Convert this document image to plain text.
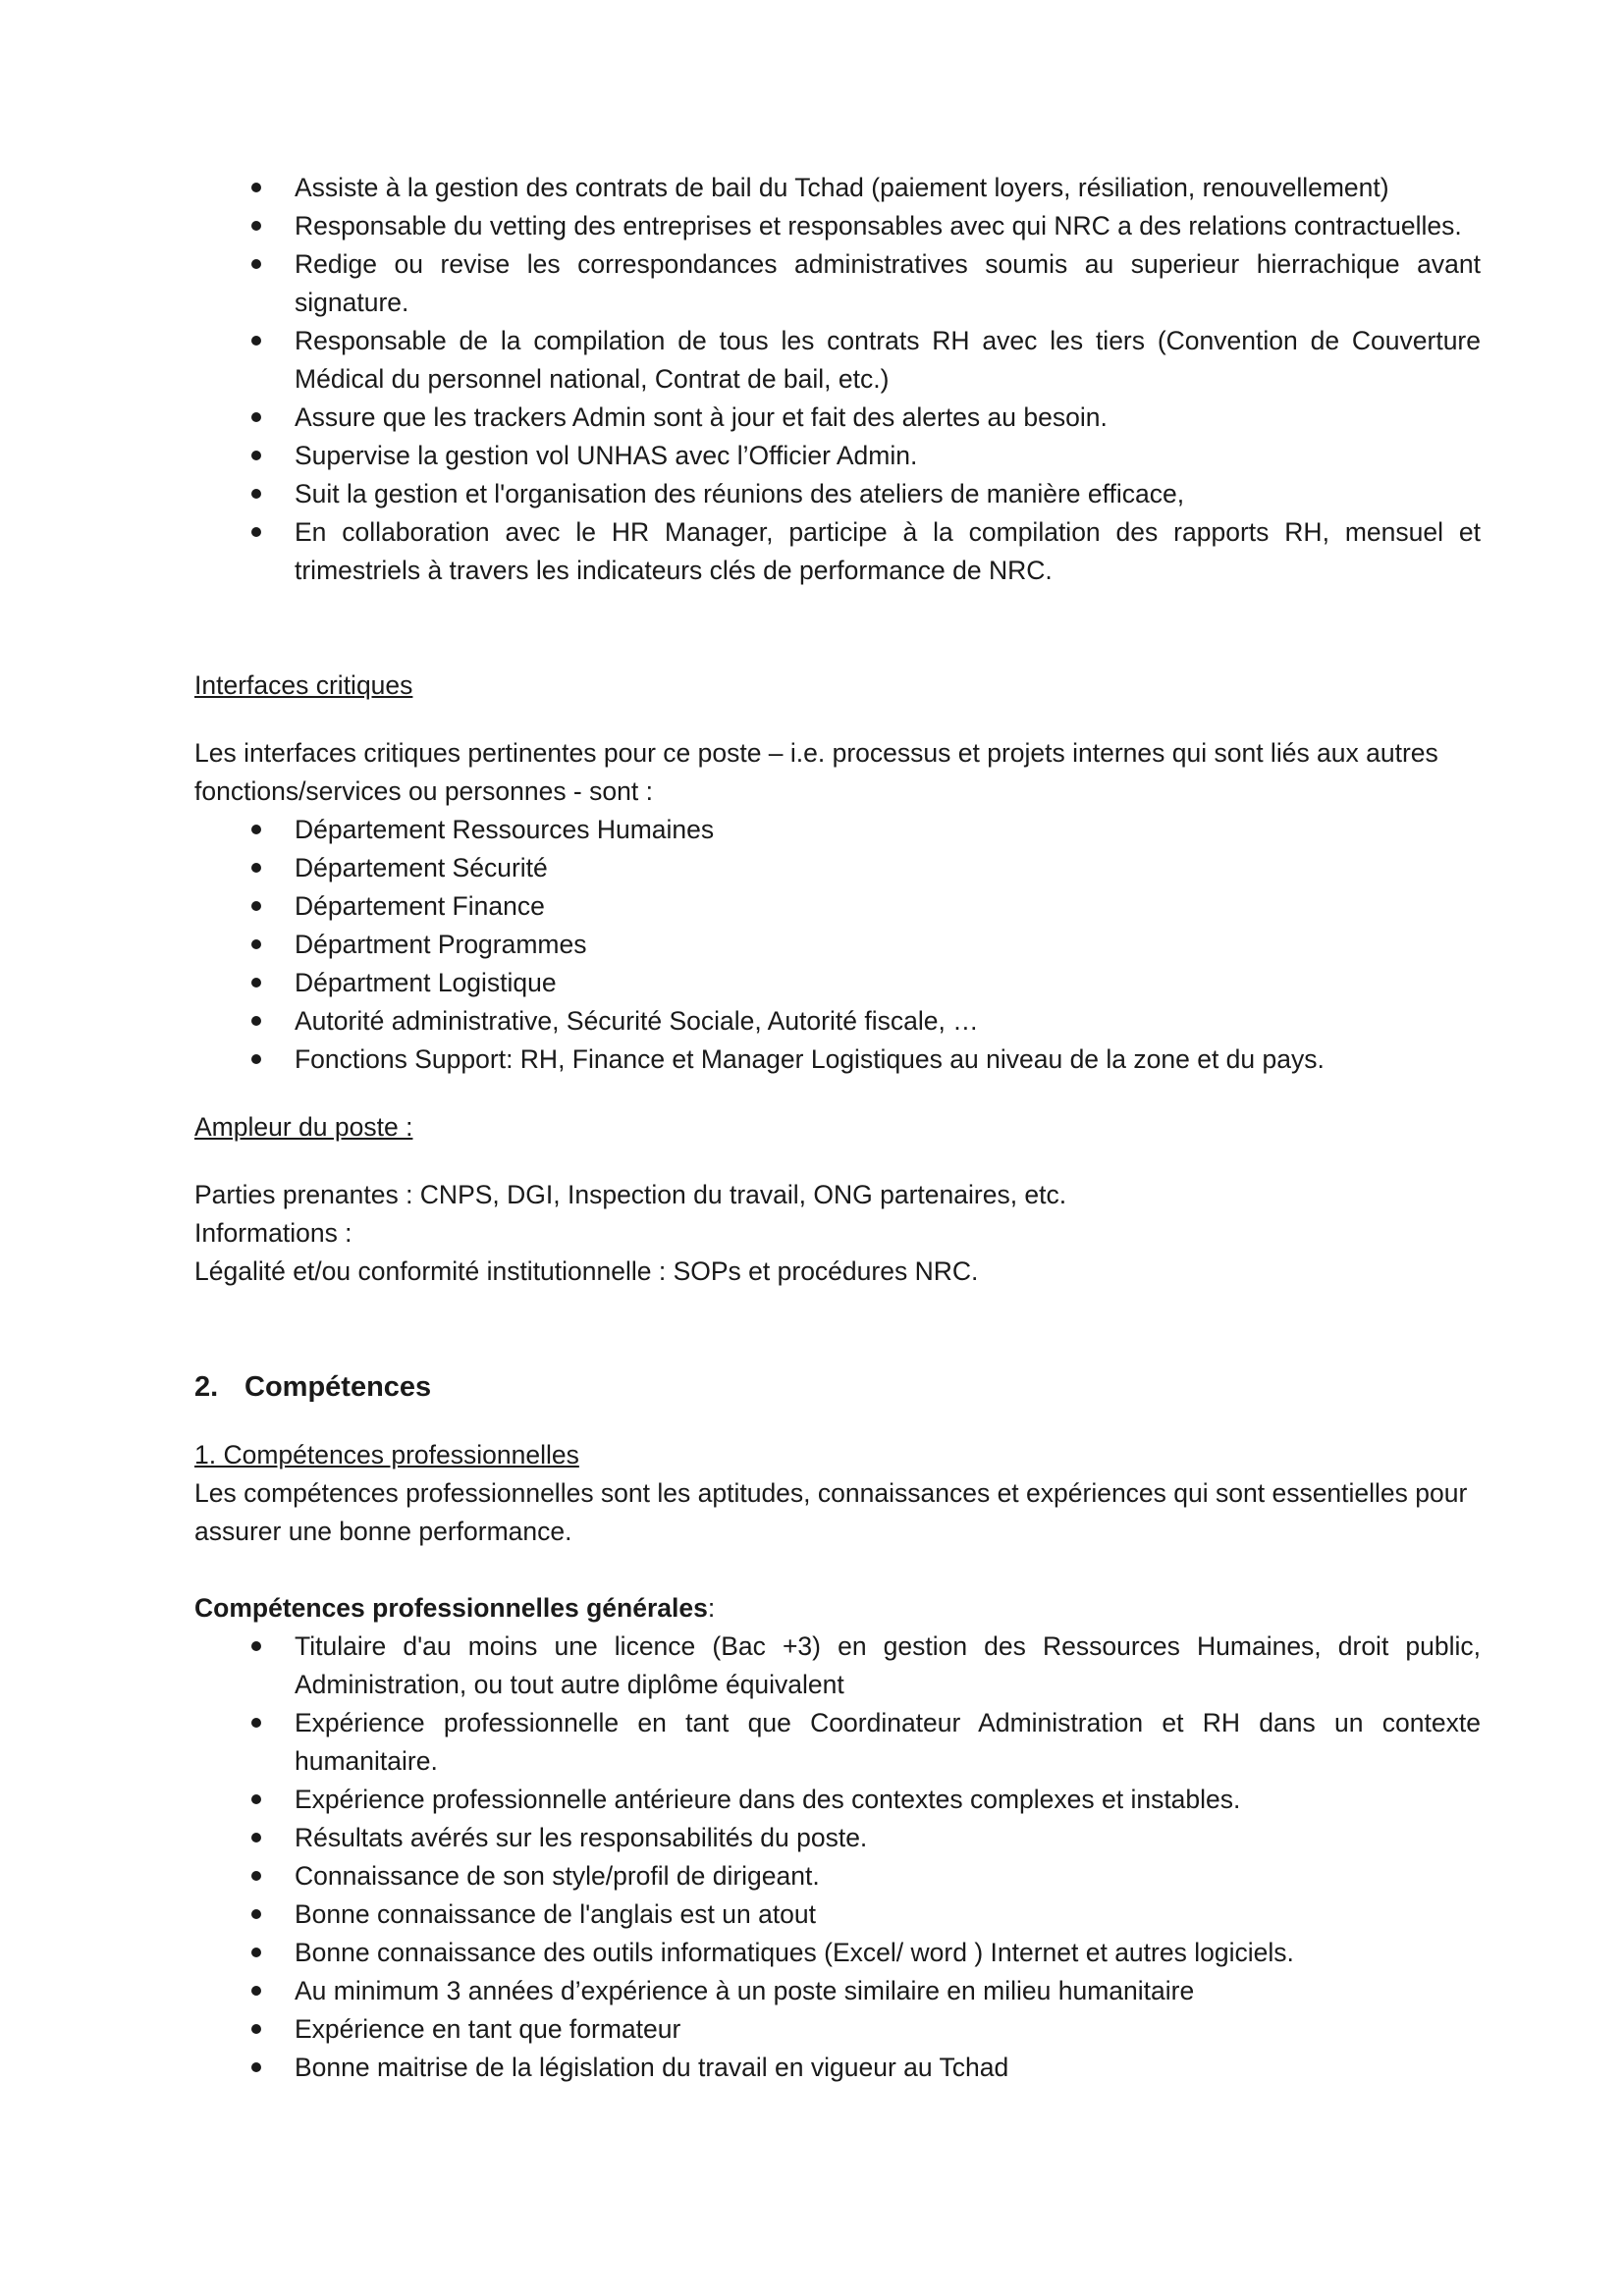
Assiste à la gestion des contrats de bail du Tchad (paiement loyers, résiliation, renouvellement)
Responsable du vetting des entreprises et responsables avec qui NRC a des relations contractuelles.
Redige ou revise les correspondances administratives soumis au superieur hierrachique avant signature.
Responsable de la compilation de tous les contrats RH avec les tiers (Convention de Couverture Médical du personnel national, Contrat de bail, etc.)
Assure que les trackers Admin sont à jour et fait des alertes au besoin.
Supervise la gestion vol UNHAS avec l’Officier Admin.
Suit la gestion et l'organisation des réunions des ateliers de manière efficace,
En collaboration avec le HR Manager, participe à la compilation des rapports RH, mensuel et trimestriels à travers les indicateurs clés de performance de NRC.

Interfaces critiques

Les interfaces critiques pertinentes pour ce poste – i.e. processus et projets internes qui sont liés aux autres fonctions/services ou personnes - sont :

Département Ressources Humaines
Département Sécurité
Département Finance
Départment Programmes
Départment Logistique
Autorité administrative, Sécurité Sociale, Autorité fiscale, …
Fonctions Support: RH, Finance et Manager Logistiques au niveau de la zone et du pays.

Ampleur du poste :

Parties prenantes : CNPS, DGI, Inspection du travail, ONG partenaires, etc.

Informations :

Légalité et/ou conformité institutionnelle : SOPs et procédures NRC.

2. Compétences

1. Compétences professionnelles

Les compétences professionnelles sont les aptitudes, connaissances et expériences qui sont essentielles pour assurer une bonne performance.

Compétences professionnelles générales:

Titulaire d'au moins une licence (Bac +3) en gestion des Ressources Humaines, droit public, Administration, ou tout autre diplôme équivalent
Expérience professionnelle en tant que Coordinateur Administration et RH dans un contexte humanitaire.
Expérience professionnelle antérieure dans des contextes complexes et instables.
Résultats avérés sur les responsabilités du poste.
Connaissance de son style/profil de dirigeant.
Bonne connaissance de l'anglais est un atout
Bonne connaissance des outils informatiques (Excel/ word ) Internet et autres logiciels.
Au minimum 3 années d’expérience à un poste similaire en milieu humanitaire
Expérience en tant que formateur
Bonne maitrise de la législation du travail en vigueur au Tchad
